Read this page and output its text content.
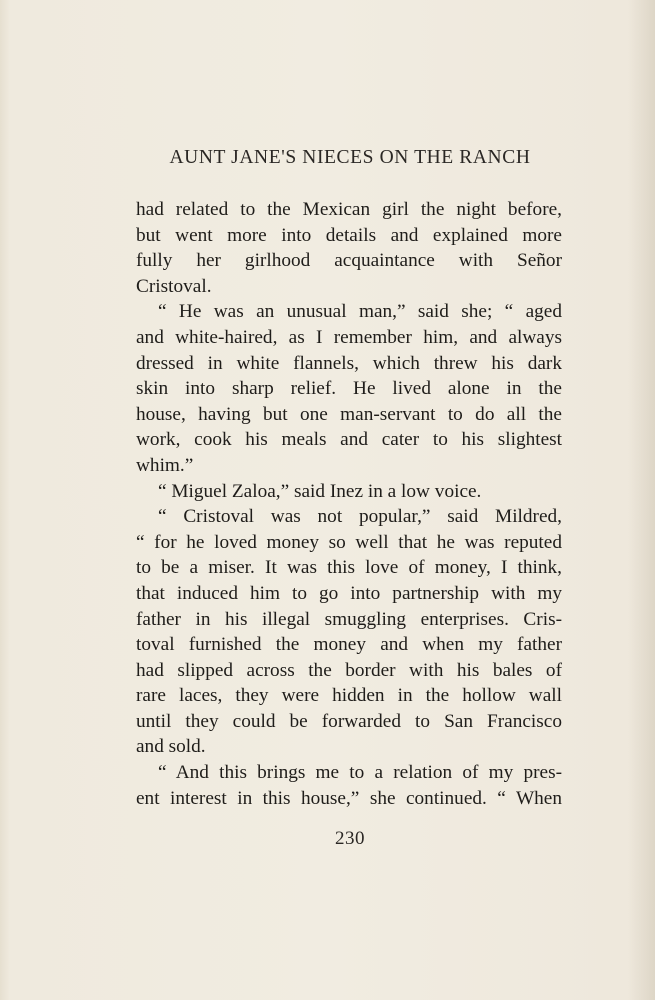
AUNT JANE'S NIECES ON THE RANCH
had related to the Mexican girl the night before,
but went more into details and explained more
fully her girlhood acquaintance with Señor
Cristoval.
“ He was an unusual man,” said she; “ aged
and white-haired, as I remember him, and always
dressed in white flannels, which threw his dark
skin into sharp relief. He lived alone in the
house, having but one man-servant to do all the
work, cook his meals and cater to his slightest
whim.”
“ Miguel Zaloa,” said Inez in a low voice.
“ Cristoval was not popular,” said Mildred,
“ for he loved money so well that he was reputed
to be a miser. It was this love of money, I think,
that induced him to go into partnership with my
father in his illegal smuggling enterprises. Cris-
toval furnished the money and when my father
had slipped across the border with his bales of
rare laces, they were hidden in the hollow wall
until they could be forwarded to San Francisco
and sold.
“ And this brings me to a relation of my pres-
ent interest in this house,” she continued. “ When
230
